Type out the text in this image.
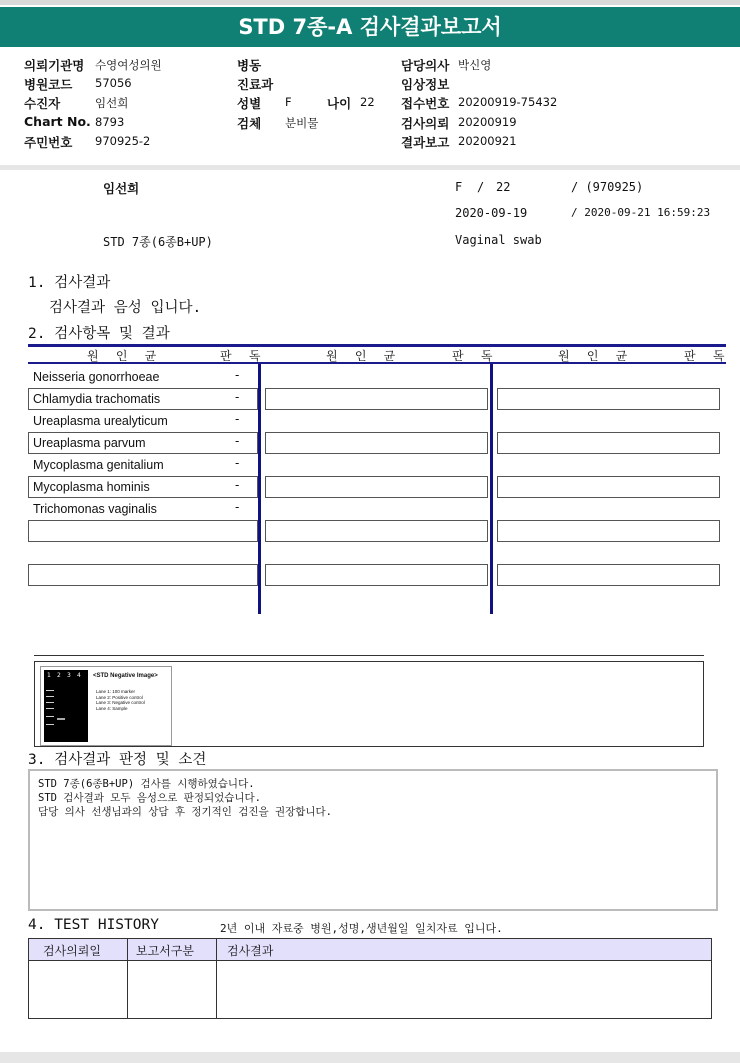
STD 7종-A 검사결과보고서
의뢰기관명 수영여성의원
병원코드 57056
수진자	임선희
Chart No. 8793
주민번호 970925-2
병동
진료과
성별 F
검체 분비물
담당의사 박신영
임상정보
접수번호 20200919-75432
검사의뢰 20200919
결과보고 20200921
나이 22
임선희	F / 22	/ (970925)
2020-09-19	/ 2020-09-21 16:59:23
STD 7종(6종B+UP)	Vaginal swab
1. 검사결과
검사결과 음성 입니다.
2. 검사항목 및 결과
원 인 균	판 독	원 인 균	판 독	원 인 균	판 독
Neisseria gonorrhoeae	-
Chlamydia trachomatis	-
Ureaplasma urealyticum	-
Ureaplasma parvum	-
Mycoplasma genitalium	-
Mycoplasma hominis	-
Trichomonas vaginalis	-
1 2 3 4 <STD Negative Image>
Lane 1: 100 marker
Lane 2: Positive control
Lane 3: Negative control
Lane 4: Sample
3. 검사결과 판정 및 소견
STD 7종(6종B+UP) 검사를 시행하였습니다.
STD 검사결과 모두 음성으로 판정되었습니다.
담당 의사 선생님과의 상담 후 정기적인 검진을 권장합니다.
4. TEST HISTORY	2년 이내 자료중 병원,성명,생년월일 일치자료 입니다.
검사의뢰일	보고서구분	검사결과
